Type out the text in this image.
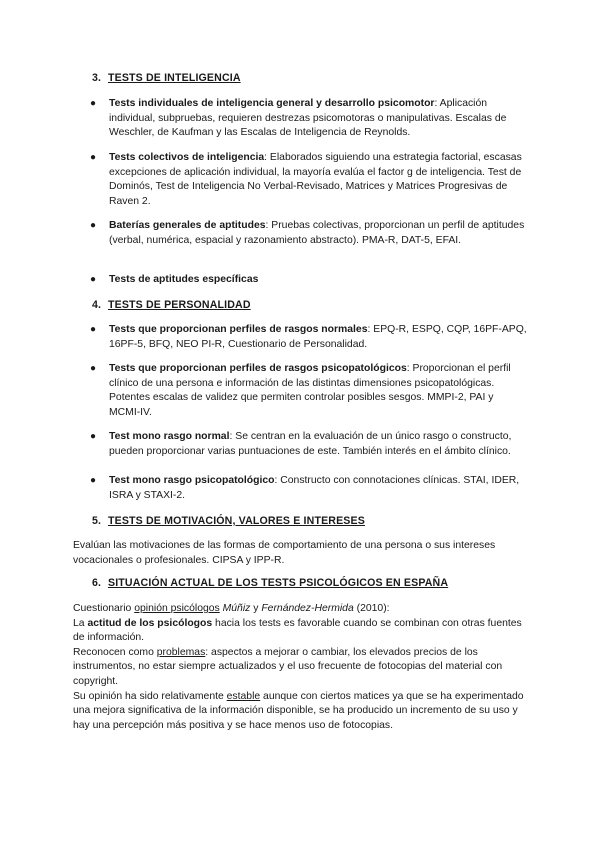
3. TESTS DE INTELIGENCIA
● Tests individuales de inteligencia general y desarrollo psicomotor: Aplicación individual, subpruebas, requieren destrezas psicomotoras o manipulativas. Escalas de Weschler, de Kaufman y las Escalas de Inteligencia de Reynolds.
● Tests colectivos de inteligencia: Elaborados siguiendo una estrategia factorial, escasas excepciones de aplicación individual, la mayoría evalúa el factor g de inteligencia. Test de Dominós, Test de Inteligencia No Verbal-Revisado, Matrices y Matrices Progresivas de Raven 2.
● Baterías generales de aptitudes: Pruebas colectivas, proporcionan un perfil de aptitudes (verbal, numérica, espacial y razonamiento abstracto). PMA-R, DAT-5, EFAI.
● Tests de aptitudes específicas
4. TESTS DE PERSONALIDAD
● Tests que proporcionan perfiles de rasgos normales: EPQ-R, ESPQ, CQP, 16PF-APQ, 16PF-5, BFQ, NEO PI-R, Cuestionario de Personalidad.
● Tests que proporcionan perfiles de rasgos psicopatológicos: Proporcionan el perfil clínico de una persona e información de las distintas dimensiones psicopatológicas. Potentes escalas de validez que permiten controlar posibles sesgos. MMPI-2, PAI y MCMI-IV.
● Test mono rasgo normal: Se centran en la evaluación de un único rasgo o constructo, pueden proporcionar varias puntuaciones de este. También interés en el ámbito clínico.
● Test mono rasgo psicopatológico: Constructo con connotaciones clínicas. STAI, IDER, ISRA y STAXI-2.
5. TESTS DE MOTIVACIÓN, VALORES E INTERESES
Evalúan las motivaciones de las formas de comportamiento de una persona o sus intereses vocacionales o profesionales. CIPSA y IPP-R.
6. SITUACIÓN ACTUAL DE LOS TESTS PSICOLÓGICOS EN ESPAÑA
Cuestionario opinión psicólogos Múñiz y Fernández-Hermida (2010):
La actitud de los psicólogos hacia los tests es favorable cuando se combinan con otras fuentes de información.
Reconocen como problemas: aspectos a mejorar o cambiar, los elevados precios de los instrumentos, no estar siempre actualizados y el uso frecuente de fotocopias del material con copyright.
Su opinión ha sido relativamente estable aunque con ciertos matices ya que se ha experimentado una mejora significativa de la información disponible, se ha producido un incremento de su uso y hay una percepción más positiva y se hace menos uso de fotocopias.
